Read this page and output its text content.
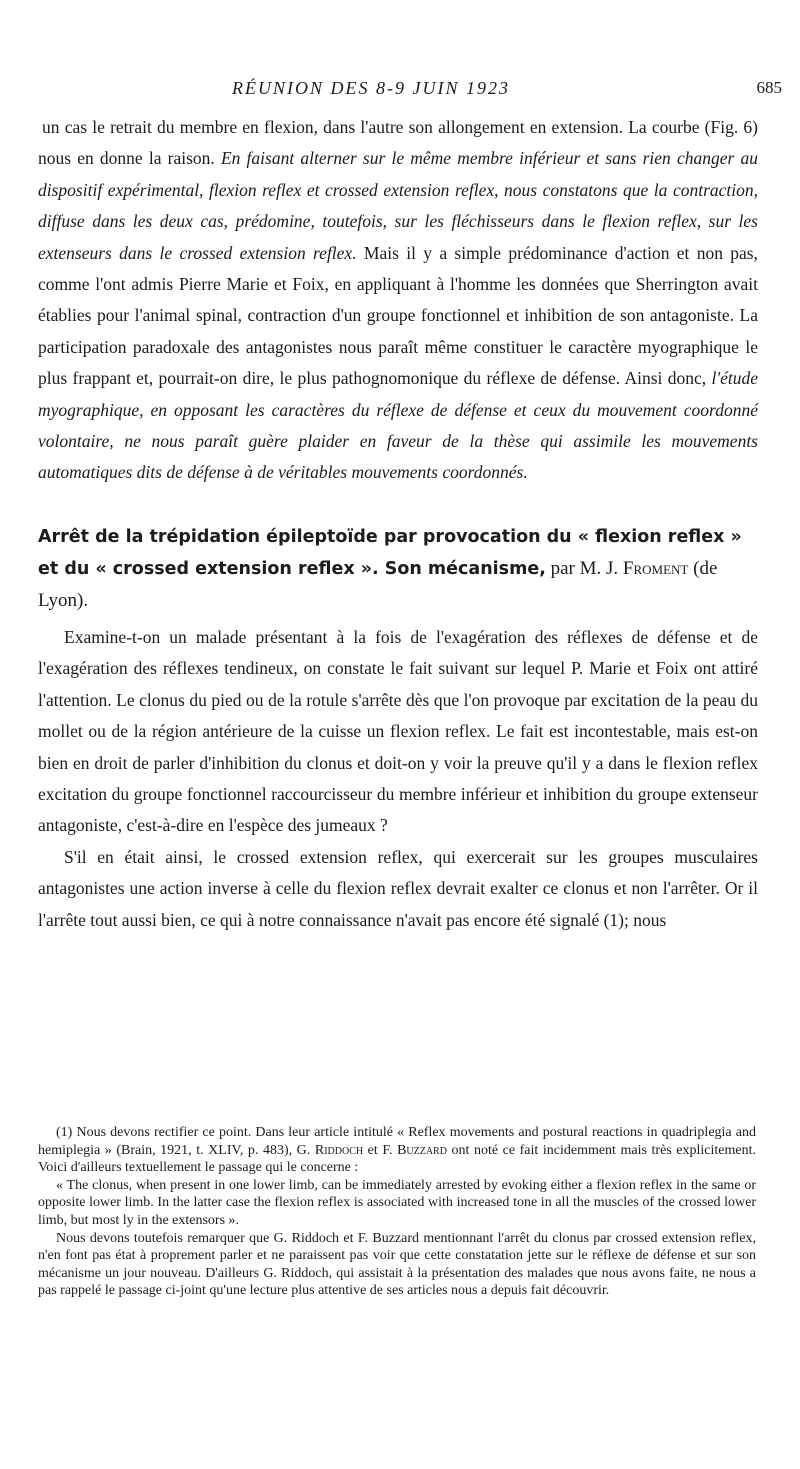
RÉUNION DES 8-9 JUIN 1923	685

un cas le retrait du membre en flexion, dans l'autre son allongement en extension. La courbe (Fig. 6) nous en donne la raison. En faisant alterner sur le même membre inférieur et sans rien changer au dispositif expérimental, flexion reflex et crossed extension reflex, nous constatons que la contraction, diffuse dans les deux cas, prédomine, toutefois, sur les fléchisseurs dans le flexion reflex, sur les extenseurs dans le crossed extension reflex. Mais il y a simple prédominance d'action et non pas, comme l'ont admis Pierre Marie et Foix, en appliquant à l'homme les données que Sherrington avait établies pour l'animal spinal, contraction d'un groupe fonctionnel et inhibition de son antagoniste. La participation paradoxale des antagonistes nous paraît même constituer le caractère myographique le plus frappant et, pourrait-on dire, le plus pathognomonique du réflexe de défense. Ainsi donc, l'étude myographique, en opposant les caractères du réflexe de défense et ceux du mouvement coordonné volontaire, ne nous paraît guère plaider en faveur de la thèse qui assimile les mouvements automatiques dits de défense à de véritables mouvements coordonnés.

Arrêt de la trépidation épileptoïde par provocation du « flexion reflex » et du « crossed extension reflex ». Son mécanisme, par M. J. Froment (de Lyon).

Examine-t-on un malade présentant à la fois de l'exagération des réflexes de défense et de l'exagération des réflexes tendineux, on constate le fait suivant sur lequel P. Marie et Foix ont attiré l'attention. Le clonus du pied ou de la rotule s'arrête dès que l'on provoque par excitation de la peau du mollet ou de la région antérieure de la cuisse un flexion reflex. Le fait est incontestable, mais est-on bien en droit de parler d'inhibition du clonus et doit-on y voir la preuve qu'il y a dans le flexion reflex excitation du groupe fonctionnel raccourcisseur du membre inférieur et inhibition du groupe extenseur antagoniste, c'est-à-dire en l'espèce des jumeaux ?

S'il en était ainsi, le crossed extension reflex, qui exercerait sur les groupes musculaires antagonistes une action inverse à celle du flexion reflex devrait exalter ce clonus et non l'arrêter. Or il l'arrête tout aussi bien, ce qui à notre connaissance n'avait pas encore été signalé (1); nous

(1) Nous devons rectifier ce point. Dans leur article intitulé « Reflex movements and postural reactions in quadriplegia and hemiplegia » (Brain, 1921, t. XLIV, p. 483), G. Riddoch et F. Buzzard ont noté ce fait incidemment mais très explicitement. Voici d'ailleurs textuellement le passage qui le concerne :

« The clonus, when present in one lower limb, can be immediately arrested by evoking either a flexion reflex in the same or opposite lower limb. In the latter case the flexion reflex is associated with increased tone in all the muscles of the crossed lower limb, but most ly in the extensors ».

Nous devons toutefois remarquer que G. Riddoch et F. Buzzard mentionnant l'arrêt du clonus par crossed extension reflex, n'en font pas état à proprement parler et ne paraissent pas voir que cette constatation jette sur le réflexe de défense et sur son mécanisme un jour nouveau. D'ailleurs G. Riddoch, qui assistait à la présentation des malades que nous avons faite, ne nous a pas rappelé le passage ci-joint qu'une lecture plus attentive de ses articles nous a depuis fait découvrir.
